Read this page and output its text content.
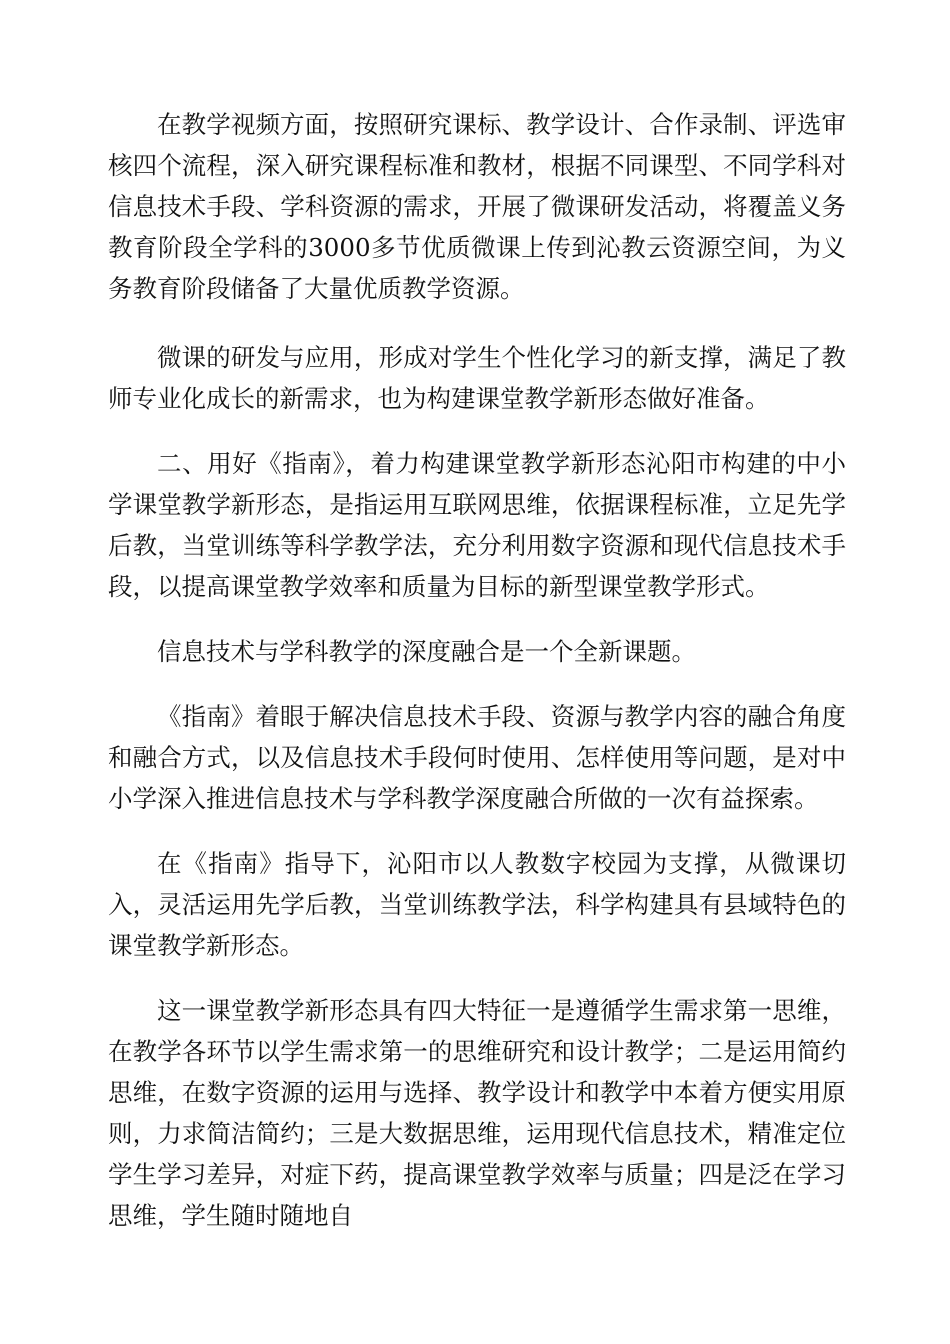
在教学视频方面，按照研究课标、教学设计、合作录制、评选审核四个流程，深入研究课程标准和教材，根据不同课型、不同学科对信息技术手段、学科资源的需求，开展了微课研发活动，将覆盖义务教育阶段全学科的3000多节优质微课上传到沁教云资源空间，为义务教育阶段储备了大量优质教学资源。

微课的研发与应用，形成对学生个性化学习的新支撑，满足了教师专业化成长的新需求，也为构建课堂教学新形态做好准备。

二、用好《指南》，着力构建课堂教学新形态沁阳市构建的中小学课堂教学新形态，是指运用互联网思维，依据课程标准，立足先学后教，当堂训练等科学教学法，充分利用数字资源和现代信息技术手段，以提高课堂教学效率和质量为目标的新型课堂教学形式。

信息技术与学科教学的深度融合是一个全新课题。

《指南》着眼于解决信息技术手段、资源与教学内容的融合角度和融合方式，以及信息技术手段何时使用、怎样使用等问题，是对中小学深入推进信息技术与学科教学深度融合所做的一次有益探索。

在《指南》指导下，沁阳市以人教数字校园为支撑，从微课切入，灵活运用先学后教，当堂训练教学法，科学构建具有县域特色的课堂教学新形态。

这一课堂教学新形态具有四大特征一是遵循学生需求第一思维，在教学各环节以学生需求第一的思维研究和设计教学；二是运用简约思维，在数字资源的运用与选择、教学设计和教学中本着方便实用原则，力求简洁简约；三是大数据思维，运用现代信息技术，精准定位学生学习差异，对症下药，提高课堂教学效率与质量；四是泛在学习思维，学生随时随地自
